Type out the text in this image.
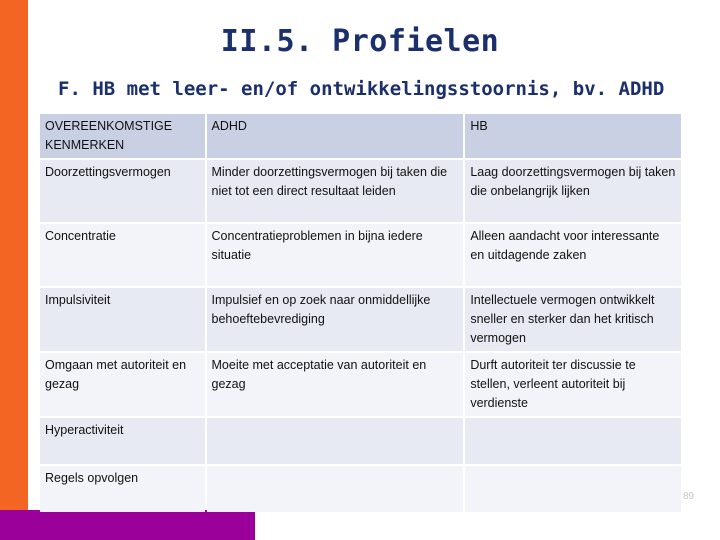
II.5. Profielen
F. HB met leer- en/of ontwikkelingsstoornis, bv. ADHD
OVEREENKOMSTIGE KENMERKEN	ADHD	HB
Doorzettingsvermogen	Minder doorzettingsvermogen bij taken die niet tot een direct resultaat leiden	Laag doorzettingsvermogen bij taken die onbelangrijk lijken
Concentratie	Concentratieproblemen in bijna iedere situatie	Alleen aandacht voor interessante en uitdagende zaken
Impulsiviteit	Impulsief en op zoek naar onmiddellijke behoeftebevrediging	Intellectuele vermogen ontwikkelt sneller en sterker dan het kritisch vermogen
Omgaan met autoriteit en gezag	Moeite met acceptatie van autoriteit en gezag	Durft autoriteit ter discussie te stellen, verleent autoriteit bij verdienste
Hyperactiviteit		
Regels opvolgen		
89
